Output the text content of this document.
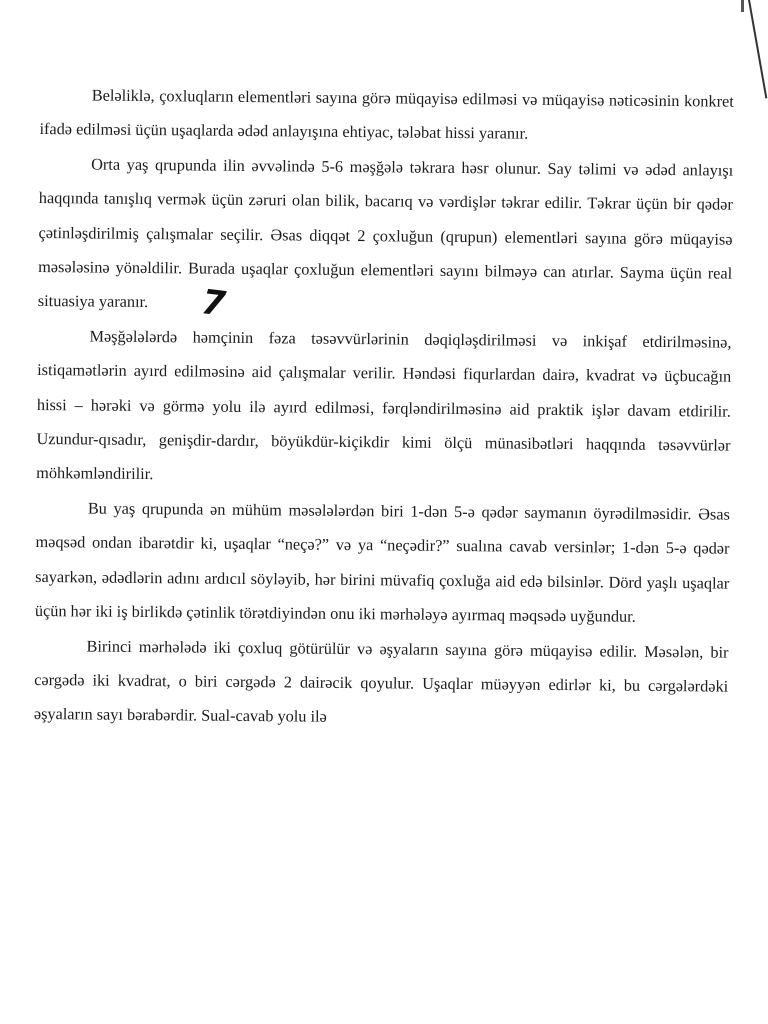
Beləliklə, çoxluqların elementləri sayına görə müqayisə edilməsi və müqayisə nəticəsinin konkret ifadə edilməsi üçün uşaqlarda ədəd anlayışına ehtiyac, tələbat hissi yaranır.

Orta yaş qrupunda ilin əvvəlində 5-6 məşğələ təkrara həsr olunur. Say təlimi və ədəd anlayışı haqqında tanışlıq vermək üçün zəruri olan bilik, bacarıq və vərdişlər təkrar edilir. Təkrar üçün bir qədər çətinləşdirilmiş çalışmalar seçilir. Əsas diqqət 2 çoxluğun (qrupun) elementləri sayına görə müqayisə məsələsinə yönəldilir. Burada uşaqlar çoxluğun elementləri sayını bilməyə can atırlar. Sayma üçün real situasiya yaranır. 7

Məşğələlərdə həmçinin fəza təsəvvürlərinin dəqiqləşdirilməsi və inkişaf etdirilməsinə, istiqamətlərin ayırd edilməsinə aid çalışmalar verilir. Həndəsi fiqurlardan dairə, kvadrat və üçbucağın hissi – hərəki və görmə yolu ilə ayırd edilməsi, fərqləndirilməsinə aid praktik işlər davam etdirilir. Uzundur-qısadır, genişdir-dardır, böyükdür-kiçikdir kimi ölçü münasibətləri haqqında təsəvvürlər möhkəmləndirilir.

Bu yaş qrupunda ən mühüm məsələlərdən biri 1-dən 5-ə qədər saymanın öyrədilməsidir. Əsas məqsəd ondan ibarətdir ki, uşaqlar “neçə?” və ya “neçədir?” sualına cavab versinlər; 1-dən 5-ə qədər sayarkən, ədədlərin adını ardıcıl söyləyib, hər birini müvafiq çoxluğa aid edə bilsinlər. Dörd yaşlı uşaqlar üçün hər iki iş birlikdə çətinlik törətdiyindən onu iki mərhələyə ayırmaq məqsədə uyğundur.

Birinci mərhələdə iki çoxluq götürülür və əşyaların sayına görə müqayisə edilir. Məsələn, bir cərgədə iki kvadrat, o biri cərgədə 2 dairəcik qoyulur. Uşaqlar müəyyən edirlər ki, bu cərgələrdəki əşyaların sayı bərabərdir. Sual-cavab yolu ilə
